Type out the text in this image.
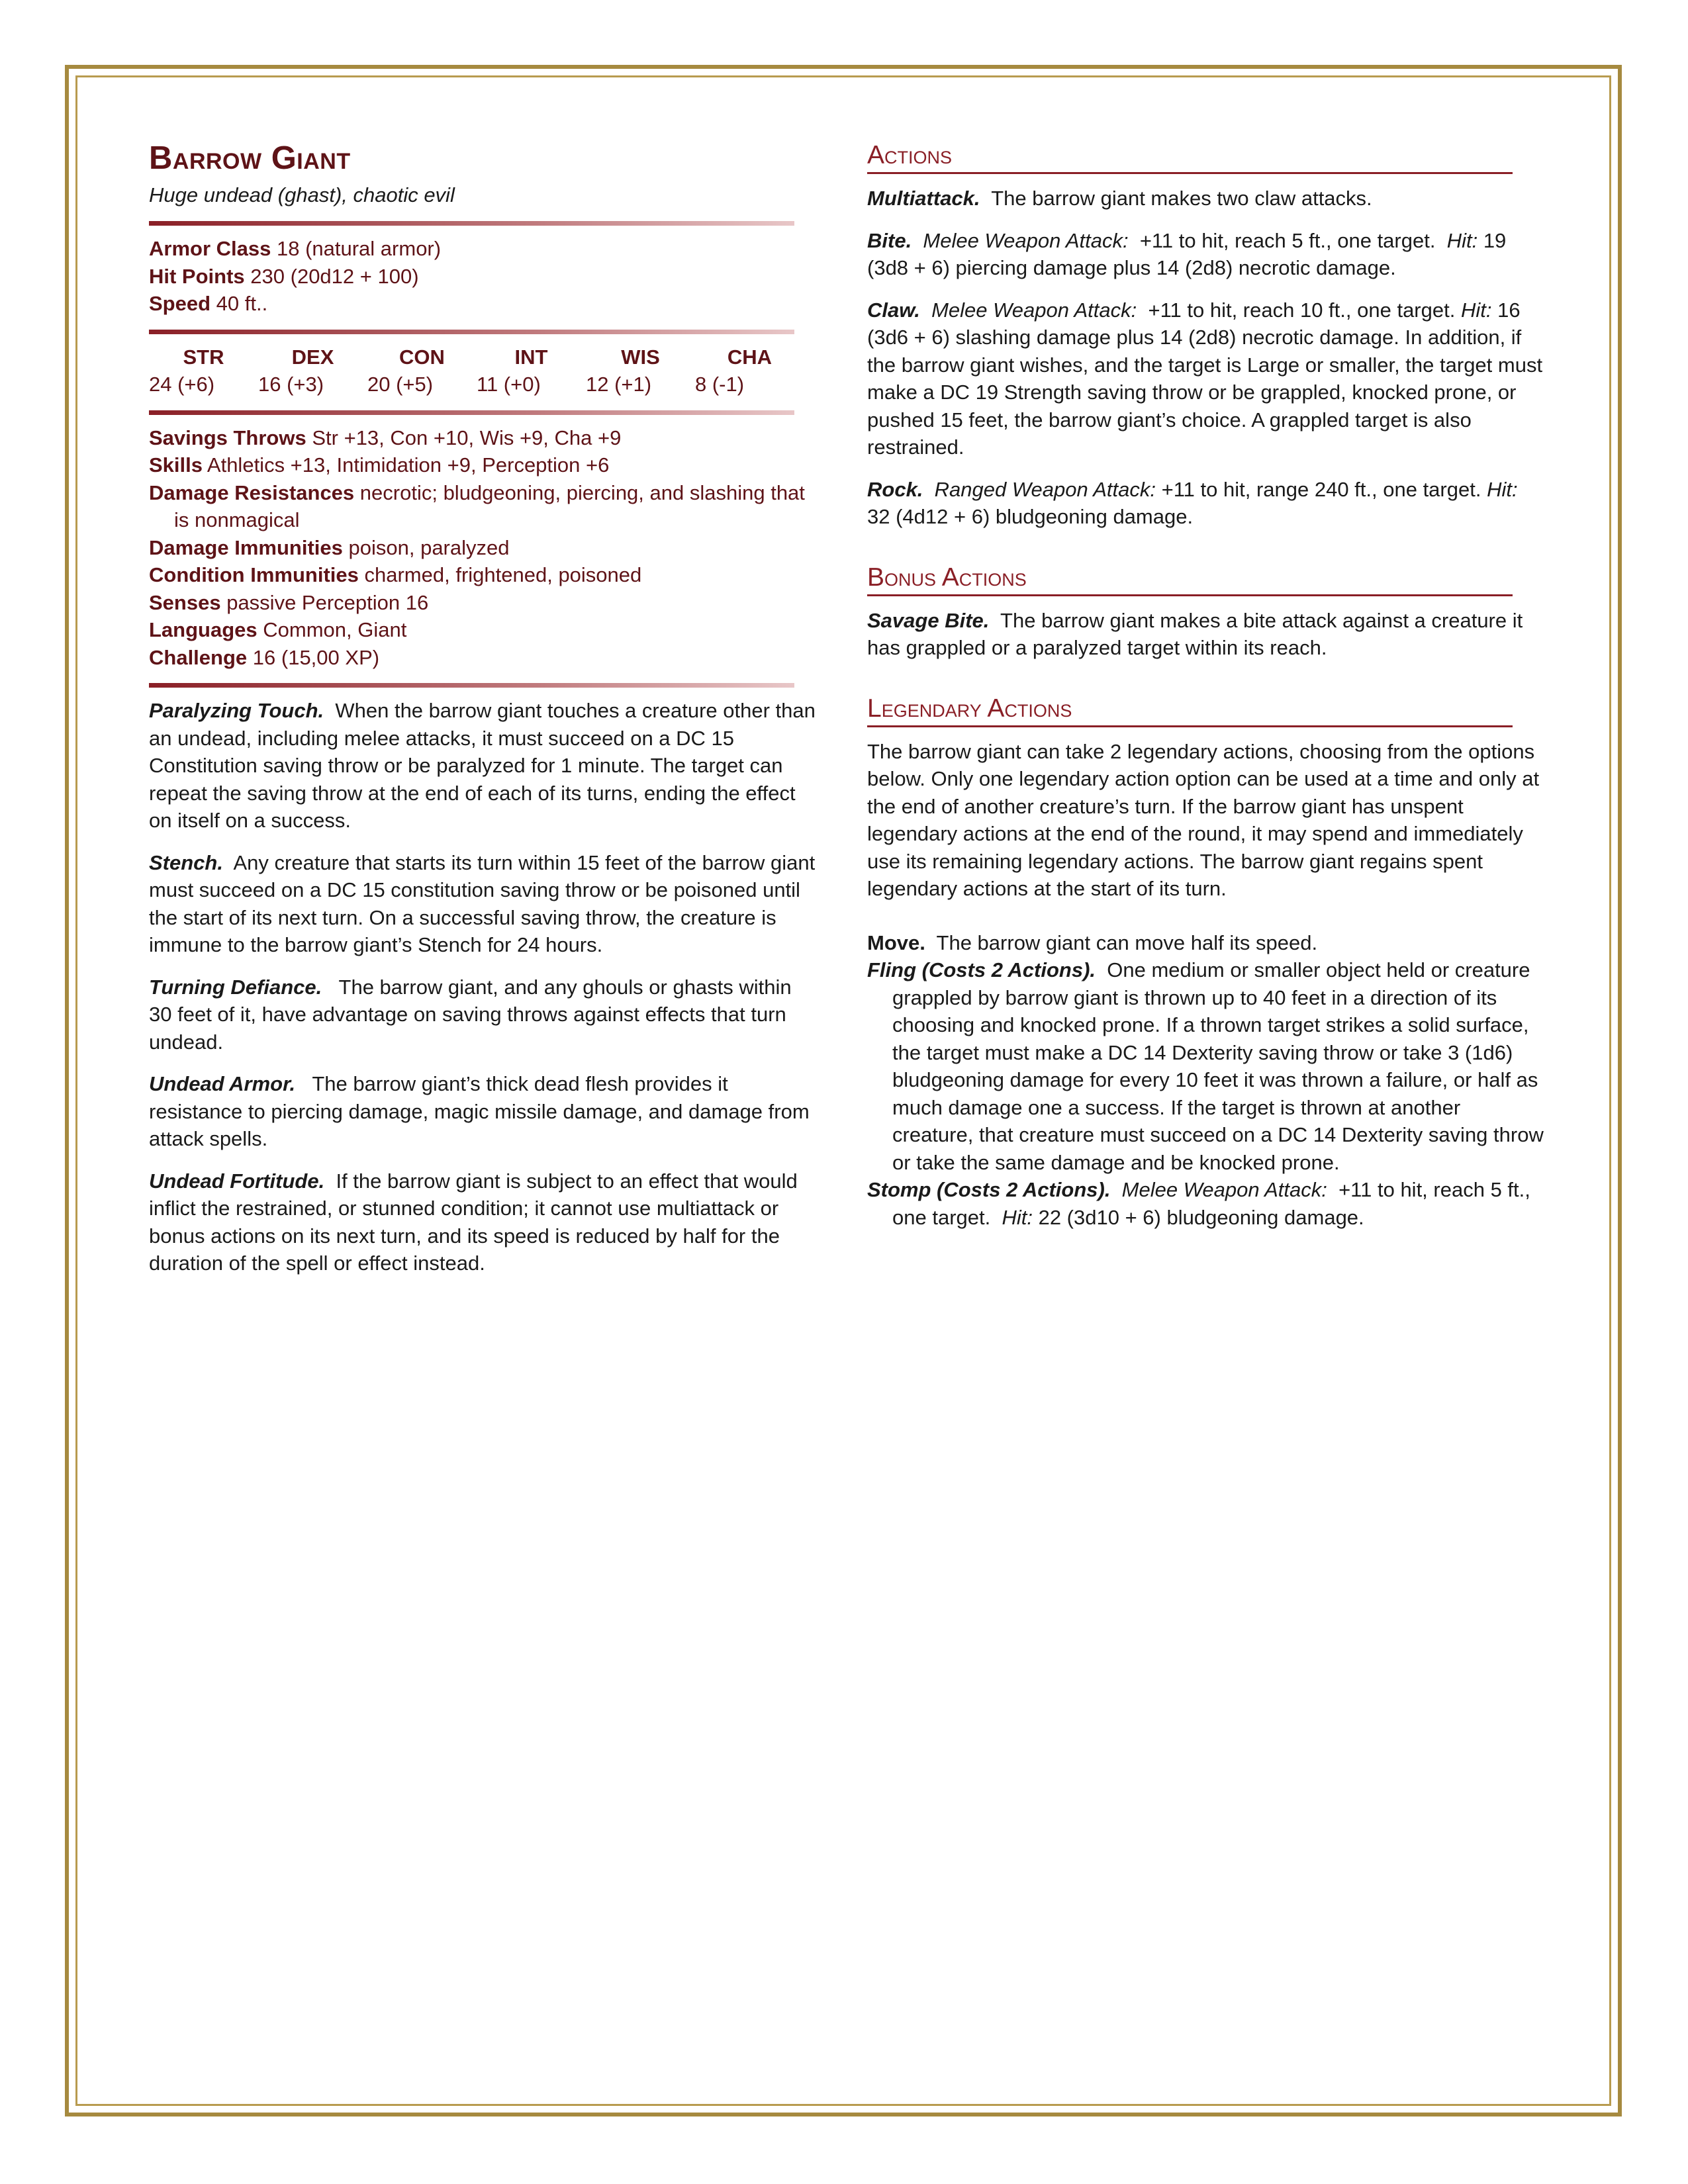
Barrow Giant
Huge undead (ghast), chaotic evil
Armor Class 18 (natural armor)
Hit Points 230 (20d12 + 100)
Speed 40 ft..
STR	DEX	CON	INT	WIS	CHA
24 (+6)	16 (+3)	20 (+5)	11 (+0)	12 (+1)	8 (-1)
Savings Throws Str +13, Con +10, Wis +9, Cha +9
Skills Athletics +13, Intimidation +9, Perception +6
Damage Resistances necrotic; bludgeoning, piercing, and slashing that is nonmagical
Damage Immunities poison, paralyzed
Condition Immunities charmed, frightened, poisoned
Senses passive Perception 16
Languages Common, Giant
Challenge 16 (15,00 XP)

Paralyzing Touch. When the barrow giant touches a creature other than an undead, including melee attacks, it must succeed on a DC 15 Constitution saving throw or be paralyzed for 1 minute. The target can repeat the saving throw at the end of each of its turns, ending the effect on itself on a success.

Stench. Any creature that starts its turn within 15 feet of the barrow giant must succeed on a DC 15 constitution saving throw or be poisoned until the start of its next turn. On a successful saving throw, the creature is immune to the barrow giant’s Stench for 24 hours.

Turning Defiance. The barrow giant, and any ghouls or ghasts within 30 feet of it, have advantage on saving throws against effects that turn undead.

Undead Armor. The barrow giant’s thick dead flesh provides it resistance to piercing damage, magic missile damage, and damage from attack spells.

Undead Fortitude. If the barrow giant is subject to an effect that would inflict the restrained, or stunned condition; it cannot use multiattack or bonus actions on its next turn, and its speed is reduced by half for the duration of the spell or effect instead.

Actions

Multiattack. The barrow giant makes two claw attacks.

Bite. Melee Weapon Attack: +11 to hit, reach 5 ft., one target. Hit: 19 (3d8 + 6) piercing damage plus 14 (2d8) necrotic damage.

Claw. Melee Weapon Attack: +11 to hit, reach 10 ft., one target. Hit: 16 (3d6 + 6) slashing damage plus 14 (2d8) necrotic damage. In addition, if the barrow giant wishes, and the target is Large or smaller, the target must make a DC 19 Strength saving throw or be grappled, knocked prone, or pushed 15 feet, the barrow giant’s choice. A grappled target is also restrained.

Rock. Ranged Weapon Attack: +11 to hit, range 240 ft., one target. Hit: 32 (4d12 + 6) bludgeoning damage.

Bonus Actions

Savage Bite. The barrow giant makes a bite attack against a creature it has grappled or a paralyzed target within its reach.

Legendary Actions

The barrow giant can take 2 legendary actions, choosing from the options below. Only one legendary action option can be used at a time and only at the end of another creature’s turn. If the barrow giant has unspent legendary actions at the end of the round, it may spend and immediately use its remaining legendary actions. The barrow giant regains spent legendary actions at the start of its turn.

Move. The barrow giant can move half its speed.

Fling (Costs 2 Actions). One medium or smaller object held or creature grappled by barrow giant is thrown up to 40 feet in a direction of its choosing and knocked prone. If a thrown target strikes a solid surface, the target must make a DC 14 Dexterity saving throw or take 3 (1d6) bludgeoning damage for every 10 feet it was thrown a failure, or half as much damage one a success. If the target is thrown at another creature, that creature must succeed on a DC 14 Dexterity saving throw or take the same damage and be knocked prone.

Stomp (Costs 2 Actions). Melee Weapon Attack: +11 to hit, reach 5 ft., one target. Hit: 22 (3d10 + 6) bludgeoning damage.
